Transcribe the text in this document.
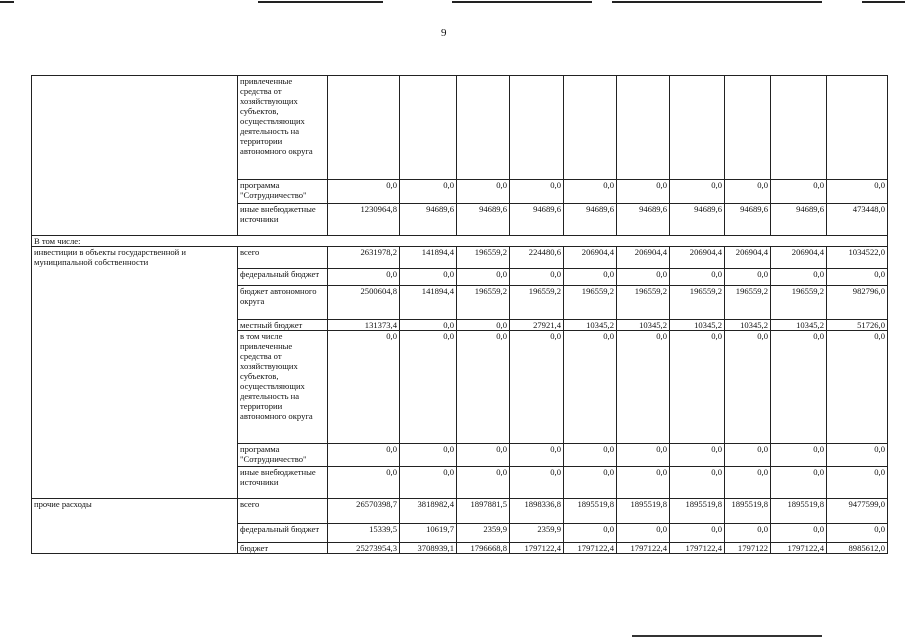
9
	привлеченные средства от хозяйствующих субъектов, осуществляющих деятельность на территории автономного округа										
	программа "Сотрудничество"	0,0	0,0	0,0	0,0	0,0	0,0	0,0	0,0	0,0	0,0
	иные внебюджетные источники	1230964,8	94689,6	94689,6	94689,6	94689,6	94689,6	94689,6	94689,6	94689,6	473448,0
В том числе:											
инвестиции в объекты государственной и муниципальной собственности	всего	2631978,2	141894,4	196559,2	224480,6	206904,4	206904,4	206904,4	206904,4	206904,4	1034522,0
	федеральный бюджет	0,0	0,0	0,0	0,0	0,0	0,0	0,0	0,0	0,0	0,0
	бюджет автономного округа	2500604,8	141894,4	196559,2	196559,2	196559,2	196559,2	196559,2	196559,2	196559,2	982796,0
	местный бюджет	131373,4	0,0	0,0	27921,4	10345,2	10345,2	10345,2	10345,2	10345,2	51726,0
	в том числе привлеченные средства от хозяйствующих субъектов, осуществляющих деятельность на территории автономного округа	0,0	0,0	0,0	0,0	0,0	0,0	0,0	0,0	0,0	0,0
	программа "Сотрудничество"	0,0	0,0	0,0	0,0	0,0	0,0	0,0	0,0	0,0	0,0
	иные внебюджетные источники	0,0	0,0	0,0	0,0	0,0	0,0	0,0	0,0	0,0	0,0
прочие расходы	всего	26570398,7	3818982,4	1897881,5	1898336,8	1895519,8	1895519,8	1895519,8	1895519,8	1895519,8	9477599,0
	федеральный бюджет	15339,5	10619,7	2359,9	2359,9	0,0	0,0	0,0	0,0	0,0	0,0
	бюджет	25273954,3	3708939,1	1796668,8	1797122,4	1797122,4	1797122,4	1797122,4	1797122	1797122,4	8985612,0
